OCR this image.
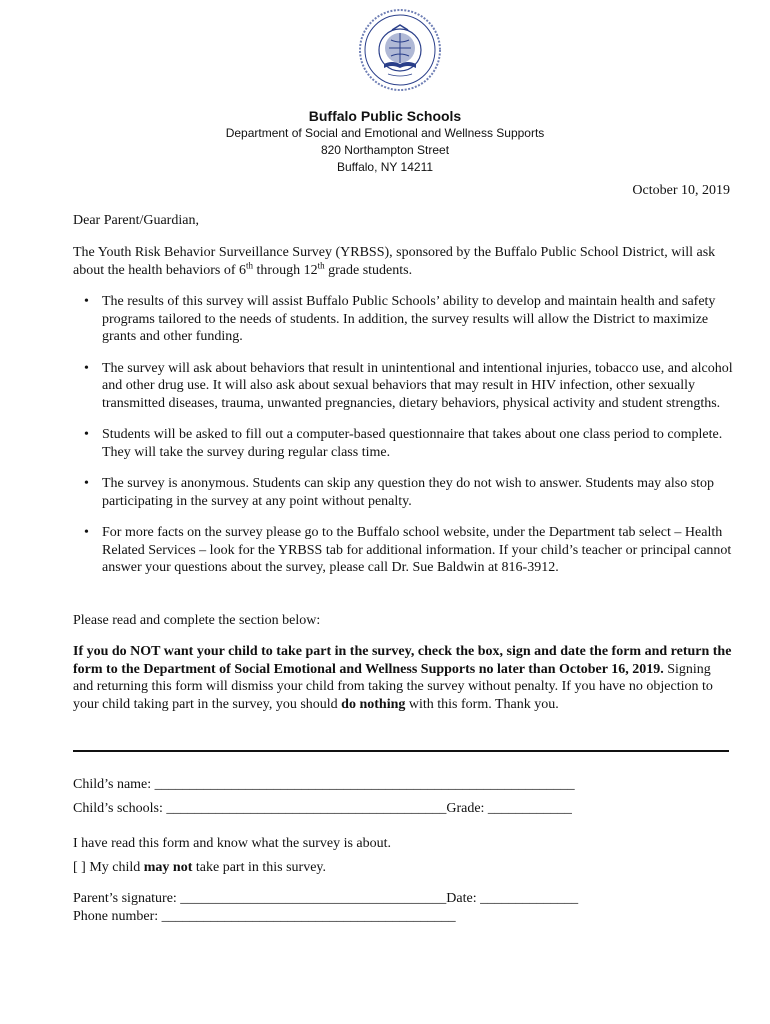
Buffalo Public Schools
Department of Social and Emotional and Wellness Supports
820 Northampton Street
Buffalo, NY 14211
October 10, 2019
Dear Parent/Guardian,
The Youth Risk Behavior Surveillance Survey (YRBSS), sponsored by the Buffalo Public School District, will ask about the health behaviors of 6th through 12th grade students.
• The results of this survey will assist Buffalo Public Schools’ ability to develop and maintain health and safety programs tailored to the needs of students. In addition, the survey results will allow the District to maximize grants and other funding.
• The survey will ask about behaviors that result in unintentional and intentional injuries, tobacco use, and alcohol and other drug use. It will also ask about sexual behaviors that may result in HIV infection, other sexually transmitted diseases, trauma, unwanted pregnancies, dietary behaviors, physical activity and student strengths.
• Students will be asked to fill out a computer-based questionnaire that takes about one class period to complete. They will take the survey during regular class time.
• The survey is anonymous. Students can skip any question they do not wish to answer. Students may also stop participating in the survey at any point without penalty.
• For more facts on the survey please go to the Buffalo school website, under the Department tab select – Health Related Services – look for the YRBSS tab for additional information. If your child’s teacher or principal cannot answer your questions about the survey, please call Dr. Sue Baldwin at 816-3912.
Please read and complete the section below:
If you do NOT want your child to take part in the survey, check the box, sign and date the form and return the form to the Department of Social Emotional and Wellness Supports no later than October 16, 2019. Signing and returning this form will dismiss your child from taking the survey without penalty. If you have no objection to your child taking part in the survey, you should do nothing with this form. Thank you.
Child’s name: ____________________________________________________________
Child’s schools: ________________________________________Grade: ____________
I have read this form and know what the survey is about.
[ ] My child may not take part in this survey.
Parent’s signature: ______________________________________Date: ______________
Phone number: __________________________________________
